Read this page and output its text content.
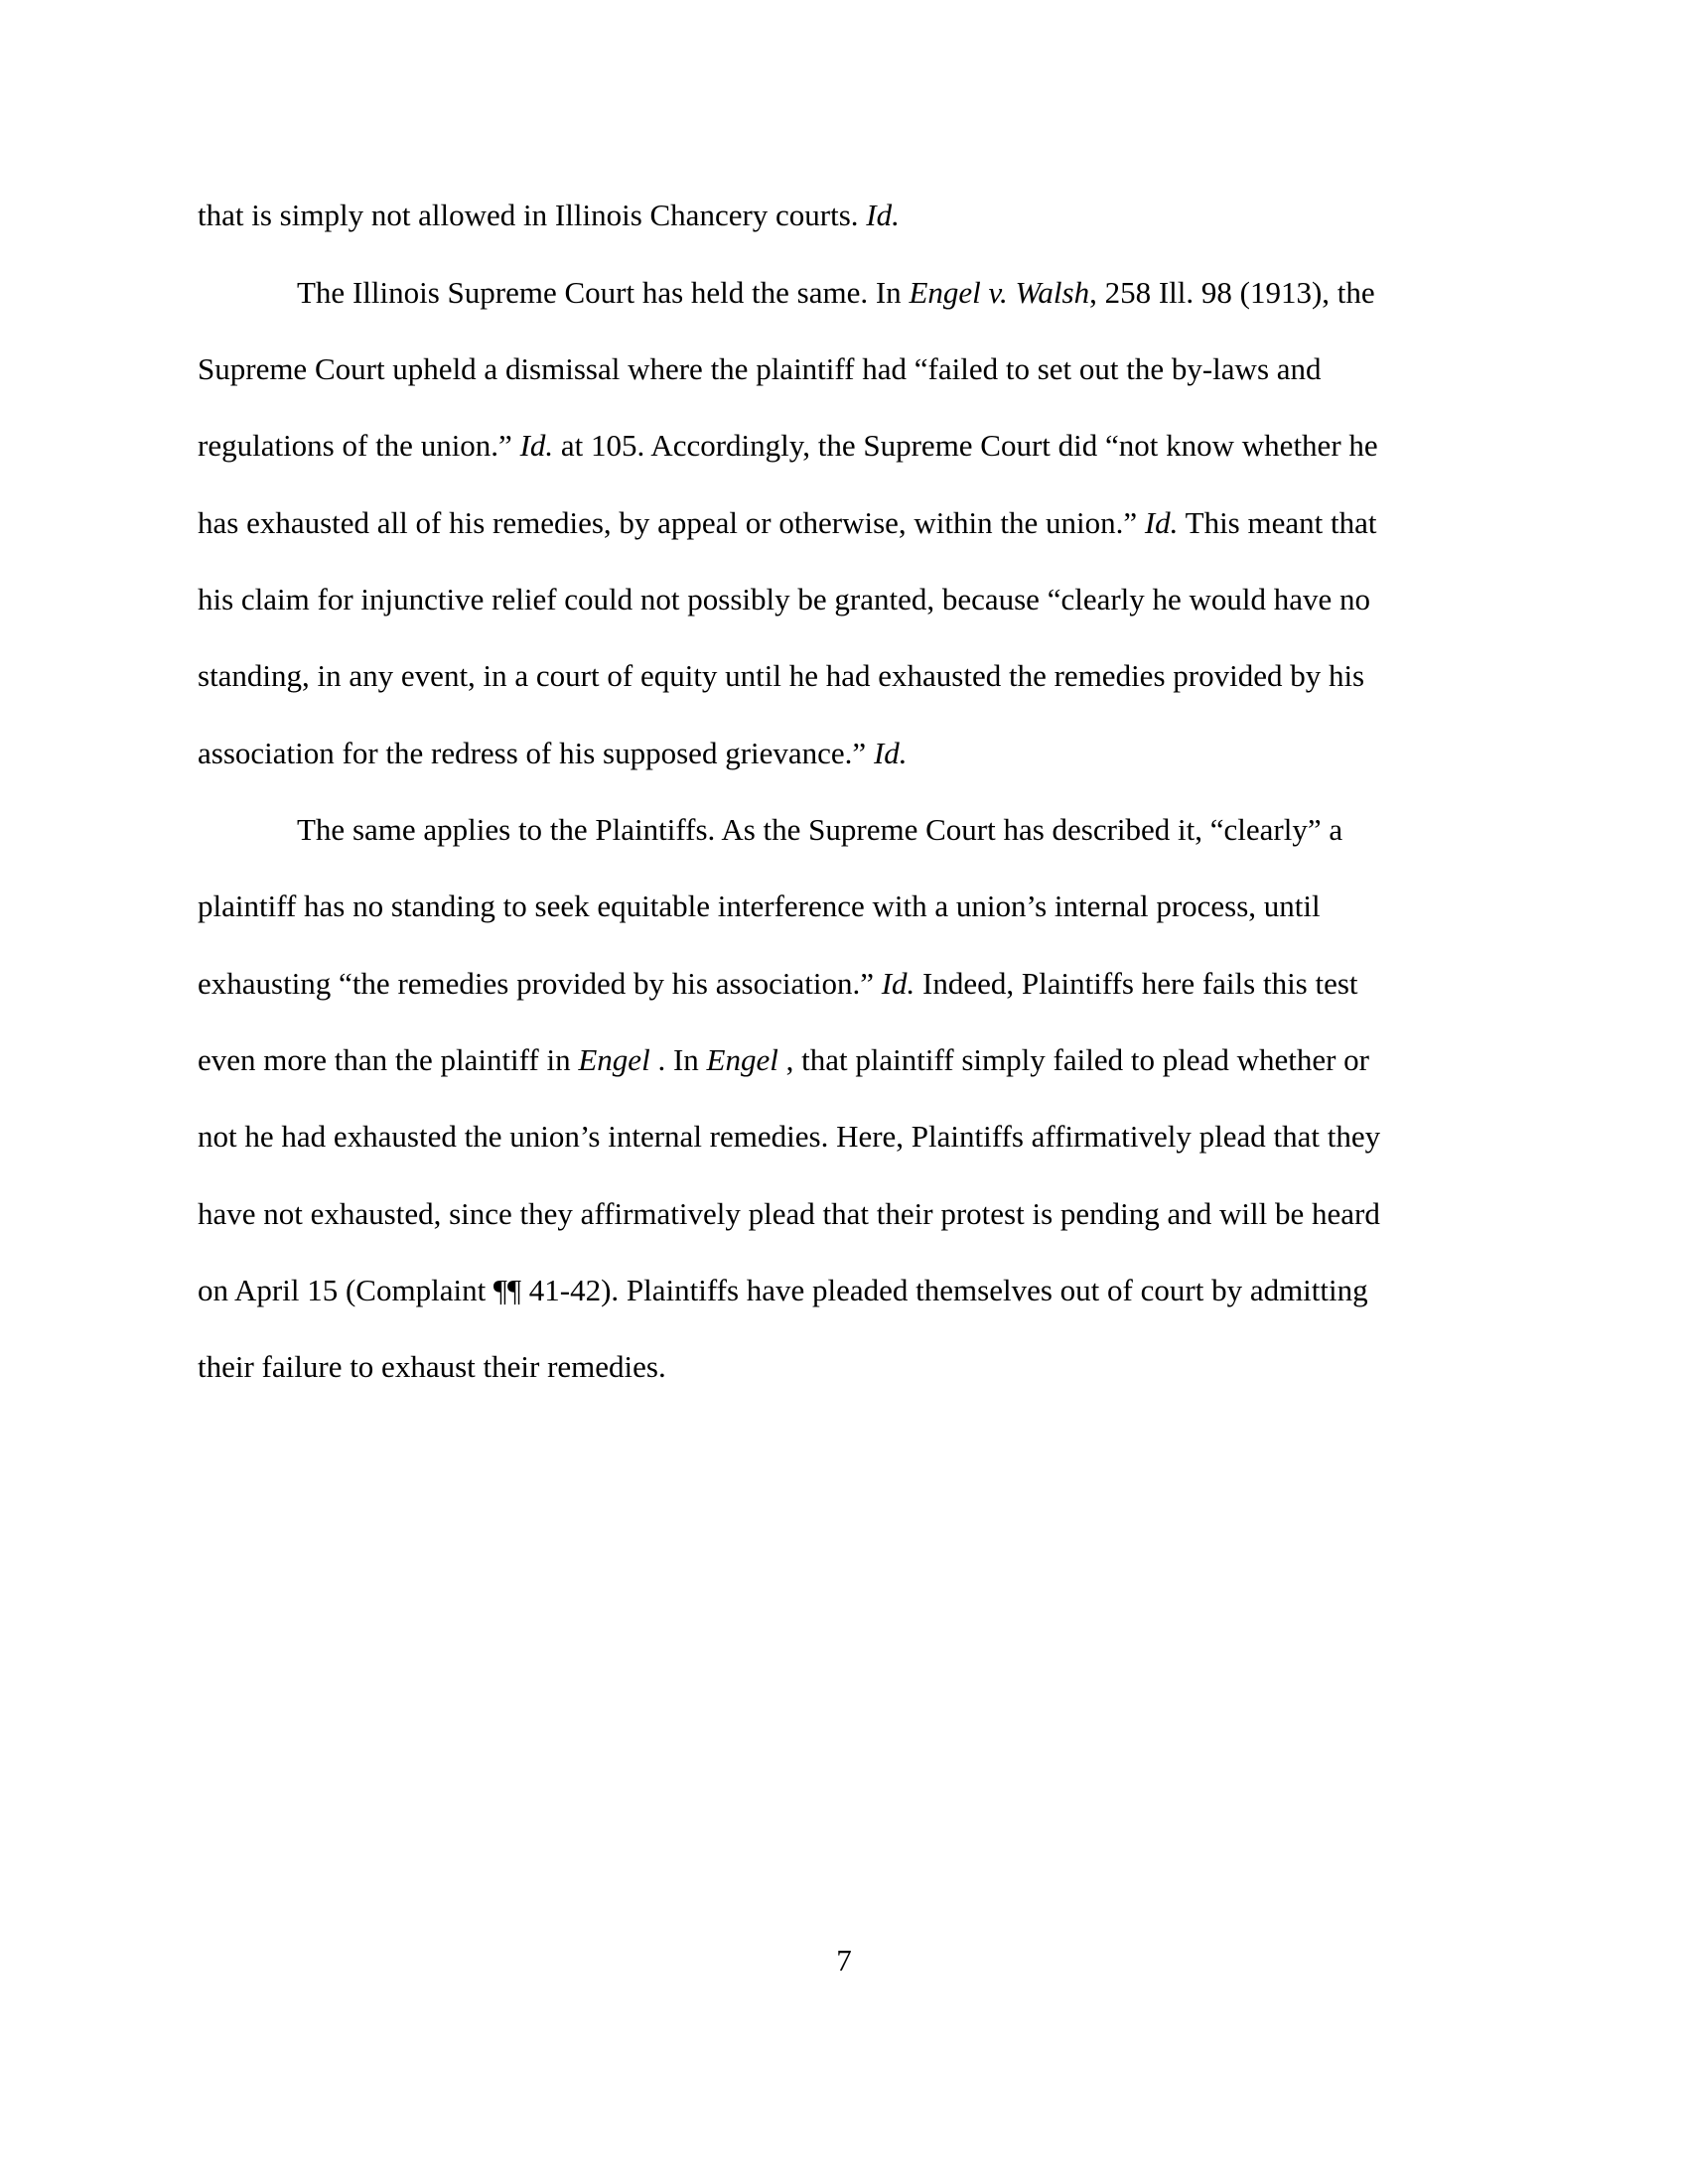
that is simply not allowed in Illinois Chancery courts. Id.
The Illinois Supreme Court has held the same. In Engel v. Walsh, 258 Ill. 98 (1913), the
Supreme Court upheld a dismissal where the plaintiff had “failed to set out the by-laws and
regulations of the union.” Id. at 105. Accordingly, the Supreme Court did “not know whether he
has exhausted all of his remedies, by appeal or otherwise, within the union.” Id. This meant that
his claim for injunctive relief could not possibly be granted, because “clearly he would have no
standing, in any event, in a court of equity until he had exhausted the remedies provided by his
association for the redress of his supposed grievance.” Id.
The same applies to the Plaintiffs. As the Supreme Court has described it, “clearly” a
plaintiff has no standing to seek equitable interference with a union’s internal process, until
exhausting “the remedies provided by his association.” Id. Indeed, Plaintiffs here fails this test
even more than the plaintiff in Engel . In Engel , that plaintiff simply failed to plead whether or
not he had exhausted the union’s internal remedies. Here, Plaintiffs affirmatively plead that they
have not exhausted, since they affirmatively plead that their protest is pending and will be heard
on April 15 (Complaint ¶¶ 41-42). Plaintiffs have pleaded themselves out of court by admitting
their failure to exhaust their remedies.
7
